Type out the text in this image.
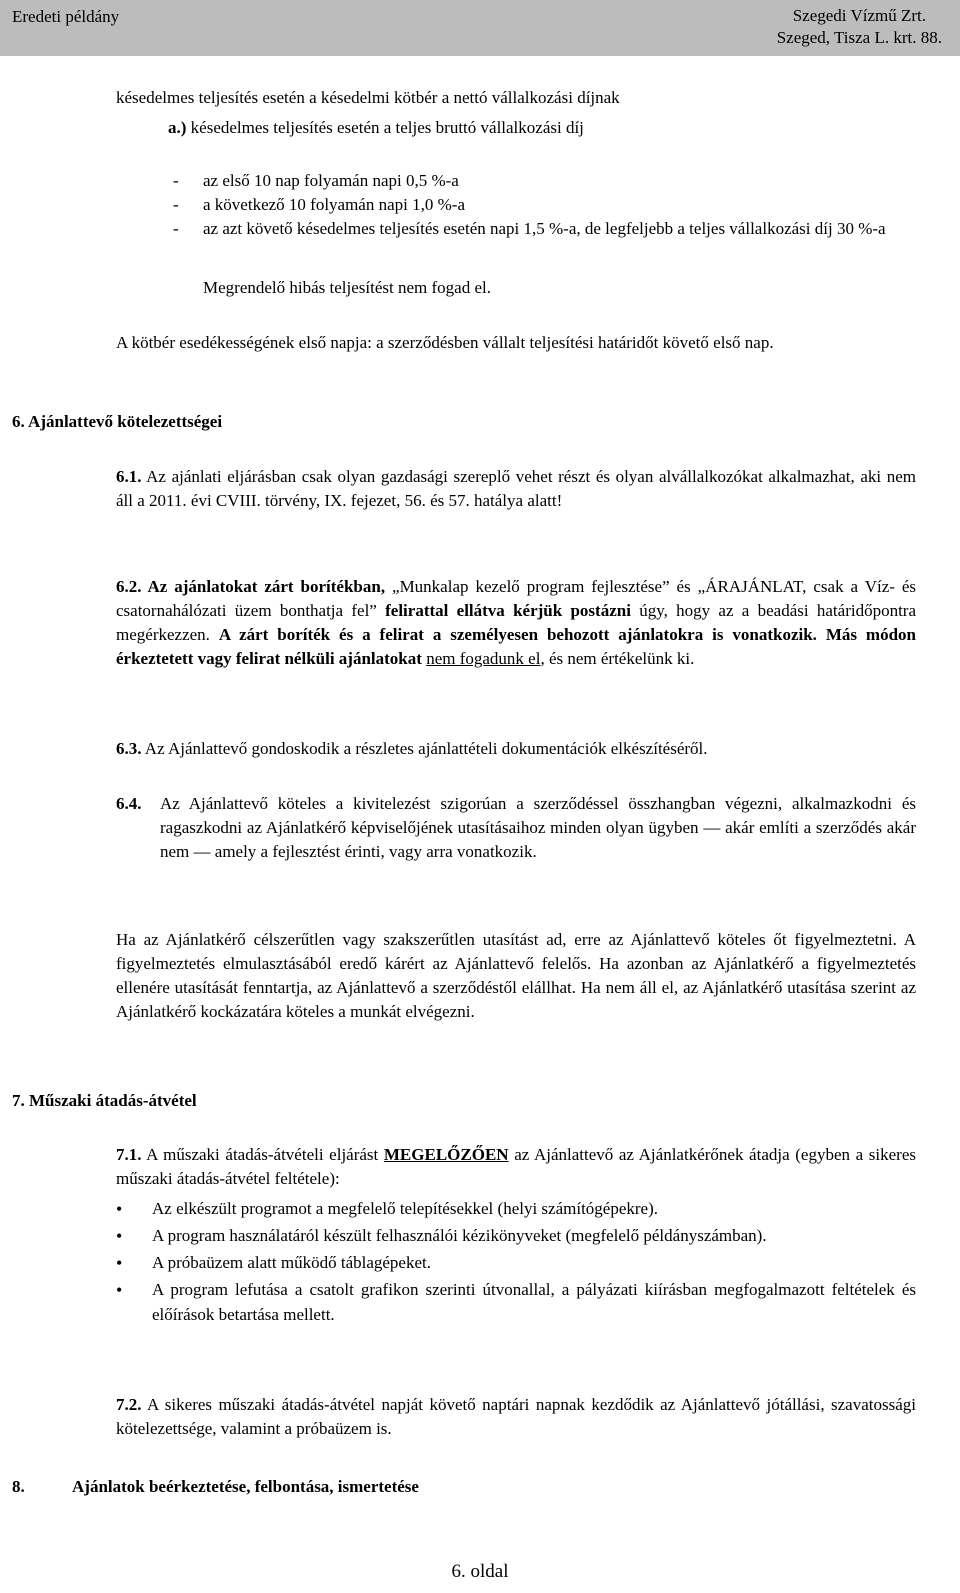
Eredeti példány	Szegedi Vízmű Zrt.
Szeged, Tisza L. krt. 88.
késedelmes teljesítés esetén a késedelmi kötbér a nettó vállalkozási díjnak
a.) késedelmes teljesítés esetén a teljes bruttó vállalkozási díj
- az első 10 nap folyamán napi 0,5 %-a
- a következő 10 folyamán napi 1,0 %-a
- az azt követő késedelmes teljesítés esetén napi 1,5 %-a, de legfeljebb a teljes vállalkozási díj 30 %-a
Megrendelő hibás teljesítést nem fogad el.
A kötbér esedékességének első napja: a szerződésben vállalt teljesítési határidőt követő első nap.
6. Ajánlattevő kötelezettségei
6.1. Az ajánlati eljárásban csak olyan gazdasági szereplő vehet részt és olyan alvállalkozókat alkalmazhat, aki nem áll a 2011. évi CVIII. törvény, IX. fejezet, 56. és 57. hatálya alatt!
6.2. Az ajánlatokat zárt borítékban, „Munkalap kezelő program fejlesztése” és „ÁRAJÁNLAT, csak a Víz- és csatornahálózati üzem bonthatja fel” felirattal ellátva kérjük postázni úgy, hogy az a beadási határidőpontra megérkezzen. A zárt boríték és a felirat a személyesen behozott ajánlatokra is vonatkozik. Más módon érkeztetett vagy felirat nélküli ajánlatokat nem fogadunk el, és nem értékelünk ki.
6.3. Az Ajánlattevő gondoskodik a részletes ajánlattételi dokumentációk elkészítéséről.
6.4.	Az Ajánlattevő köteles a kivitelezést szigorúan a szerződéssel összhangban végezni, alkalmazkodni és ragaszkodni az Ajánlatkérő képviselőjének utasításaihoz minden olyan ügyben — akár említi a szerződés akár nem — amely a fejlesztést érinti, vagy arra vonatkozik.
Ha az Ajánlatkérő célszerűtlen vagy szakszerűtlen utasítást ad, erre az Ajánlattevő köteles őt figyelmeztetni. A figyelmeztetés elmulasztásából eredő kárért az Ajánlattevő felelős. Ha azonban az Ajánlatkérő a figyelmeztetés ellenére utasítását fenntartja, az Ajánlattevő a szerződéstől elállhat. Ha nem áll el, az Ajánlatkérő utasítása szerint az Ajánlatkérő kockázatára köteles a munkát elvégezni.
7. Műszaki átadás-átvétel
7.1. A műszaki átadás-átvételi eljárást MEGELŐZŐEN az Ajánlattevő az Ajánlatkérőnek átadja (egyben a sikeres műszaki átadás-átvétel feltétele):
• Az elkészült programot a megfelelő telepítésekkel (helyi számítógépekre).
• A program használatáról készült felhasználói kézikönyveket (megfelelő példányszámban).
• A próbaüzem alatt működő táblagépeket.
• A program lefutása a csatolt grafikon szerinti útvonallal, a pályázati kiírásban megfogalmazott feltételek és előírások betartása mellett.
7.2. A sikeres műszaki átadás-átvétel napját követő naptári napnak kezdődik az Ajánlattevő jótállási, szavatossági kötelezettsége, valamint a próbaüzem is.
8.	Ajánlatok beérkeztetése, felbontása, ismertetése
6. oldal
